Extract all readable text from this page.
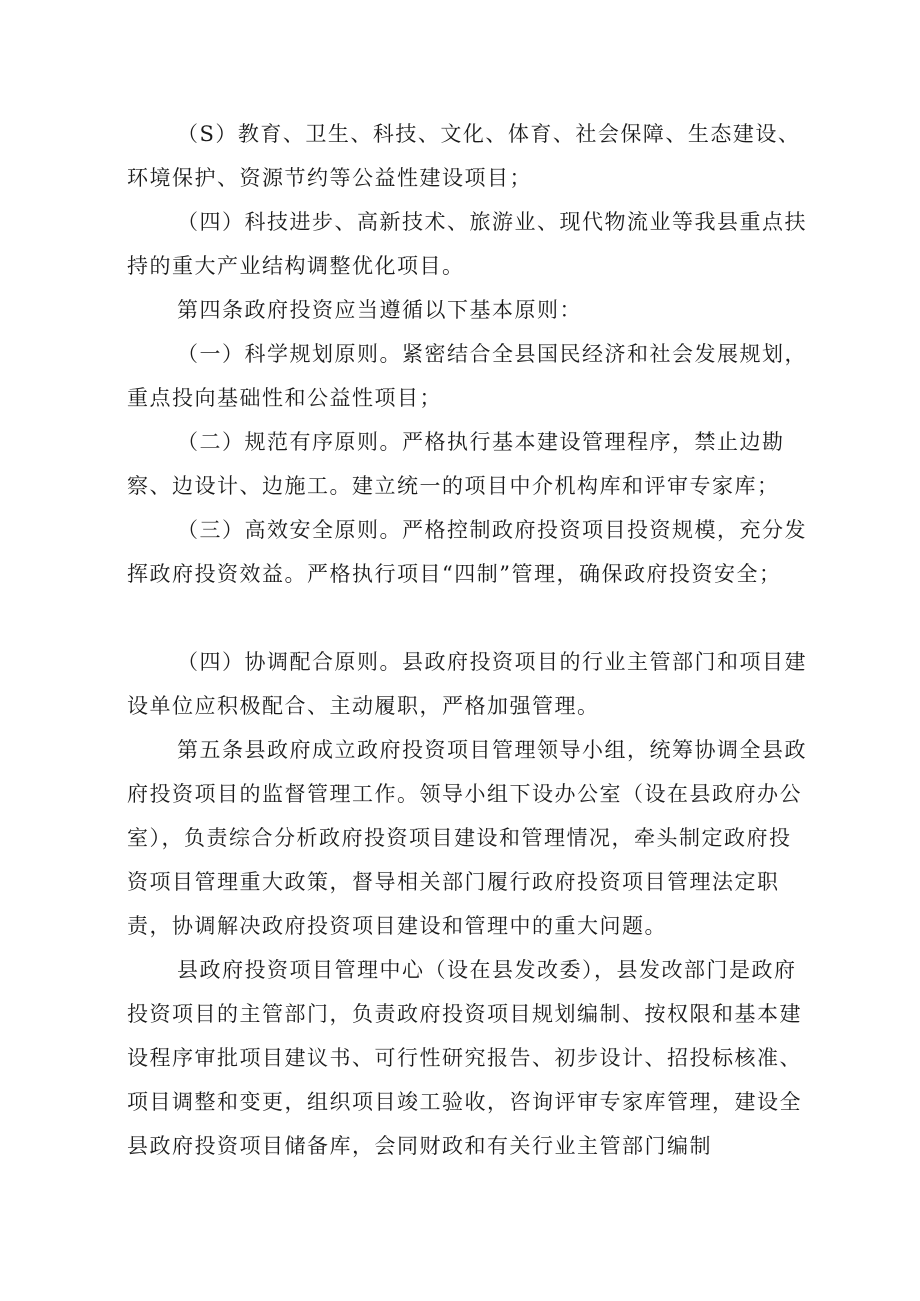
（S）教育、卫生、科技、文化、体育、社会保障、生态建设、环境保护、资源节约等公益性建设项目；

（四）科技进步、高新技术、旅游业、现代物流业等我县重点扶持的重大产业结构调整优化项目。

第四条政府投资应当遵循以下基本原则：

（一）科学规划原则。紧密结合全县国民经济和社会发展规划，重点投向基础性和公益性项目；

（二）规范有序原则。严格执行基本建设管理程序，禁止边勘察、边设计、边施工。建立统一的项目中介机构库和评审专家库；

（三）高效安全原则。严格控制政府投资项目投资规模，充分发挥政府投资效益。严格执行项目“四制”管理，确保政府投资安全；

（四）协调配合原则。县政府投资项目的行业主管部门和项目建设单位应积极配合、主动履职，严格加强管理。

第五条县政府成立政府投资项目管理领导小组，统筹协调全县政府投资项目的监督管理工作。领导小组下设办公室（设在县政府办公室），负责综合分析政府投资项目建设和管理情况，牵头制定政府投资项目管理重大政策，督导相关部门履行政府投资项目管理法定职责，协调解决政府投资项目建设和管理中的重大问题。

县政府投资项目管理中心（设在县发改委），县发改部门是政府投资项目的主管部门，负责政府投资项目规划编制、按权限和基本建设程序审批项目建议书、可行性研究报告、初步设计、招投标核准、项目调整和变更，组织项目竣工验收，咨询评审专家库管理，建设全县政府投资项目储备库，会同财政和有关行业主管部门编制
